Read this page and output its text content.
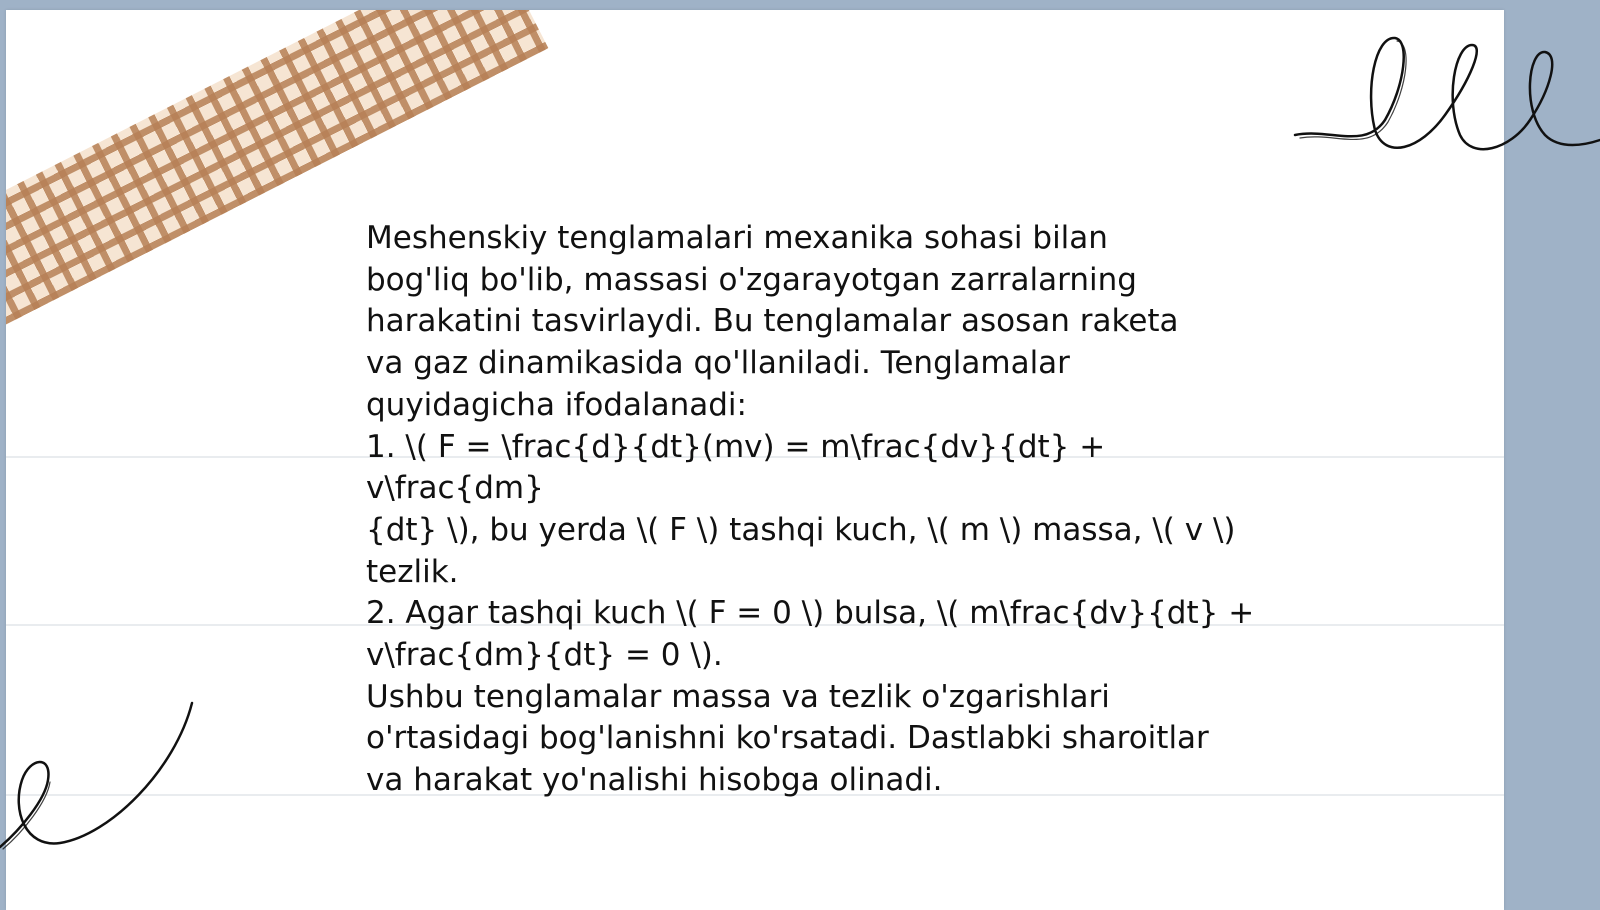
Meshenskiy tenglamalari mexanika sohasi bilan
bog'liq bo'lib, massasi o'zgarayotgan zarralarning
harakatini tasvirlaydi. Bu tenglamalar asosan raketa
va gaz dinamikasida qo'llaniladi. Tenglamalar
quyidagicha ifodalanadi:
1. \( F = \frac{d}{dt}(mv) = m\frac{dv}{dt} + v\frac{dm}
{dt} \), bu yerda \( F \) tashqi kuch, \( m \) massa, \( v \)
tezlik.
2. Agar tashqi kuch \( F = 0 \) bulsa, \( m\frac{dv}{dt} +
v\frac{dm}{dt} = 0 \).
Ushbu tenglamalar massa va tezlik o'zgarishlari
o'rtasidagi bog'lanishni ko'rsatadi. Dastlabki sharoitlar
va harakat yo'nalishi hisobga olinadi.
